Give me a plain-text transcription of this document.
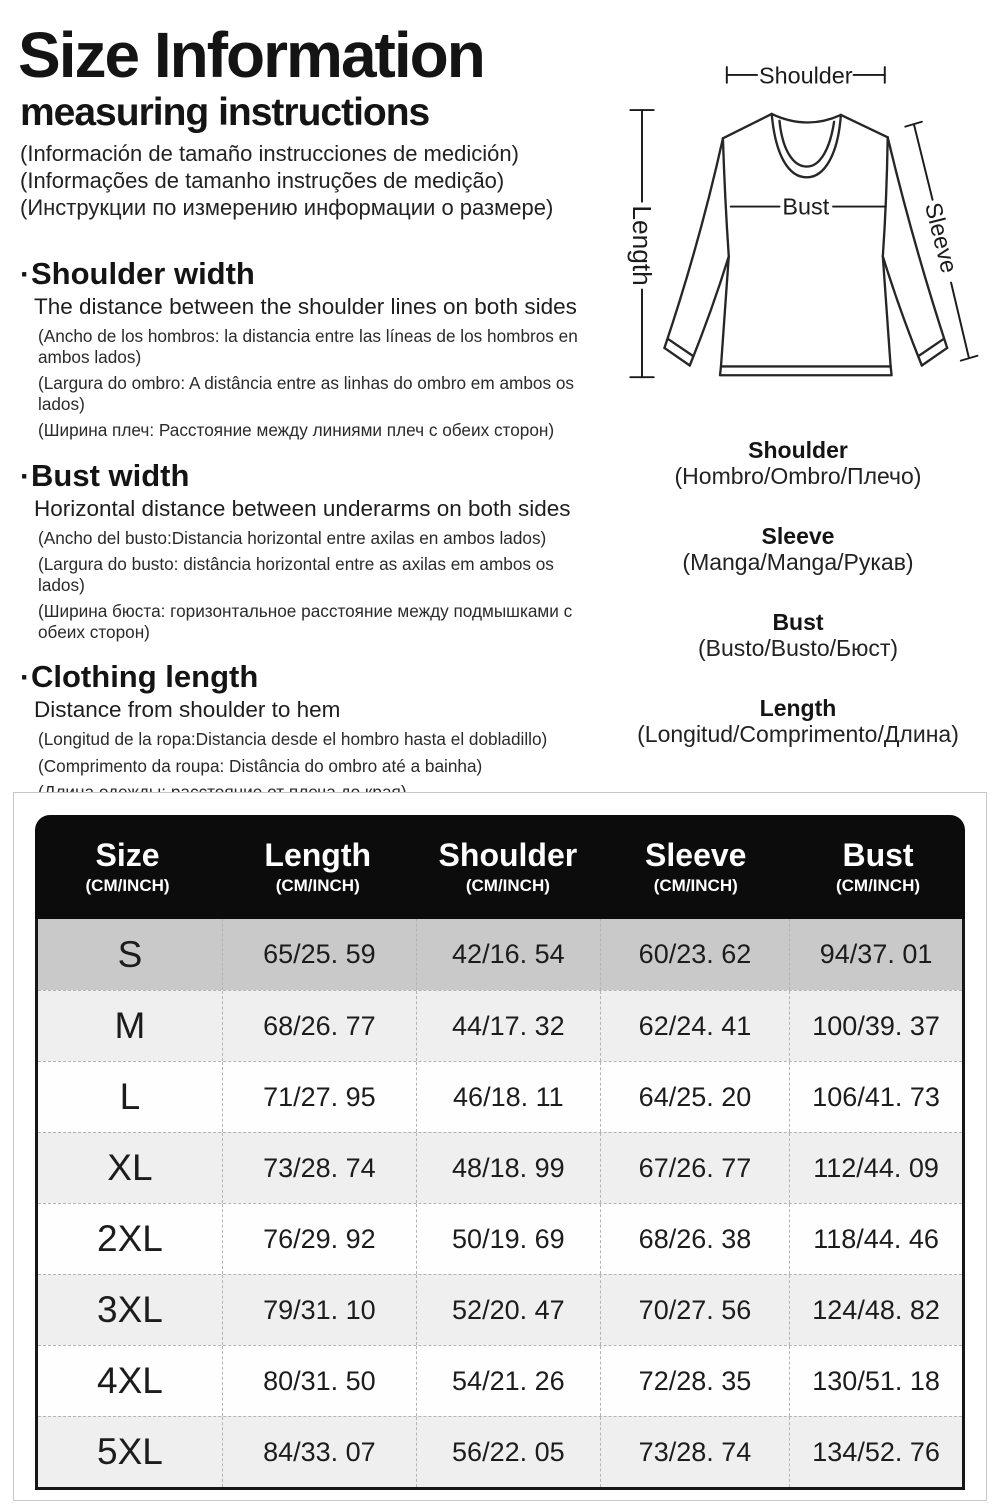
Size Information
measuring instructions

(Información de tamaño instrucciones de medición)

(Informações de tamanho instruções de medição)

(Инструкции по измерению информации о размере)

·Shoulder width

The distance between the shoulder lines on both sides

(Ancho de los hombros: la distancia entre las líneas de los hombros en ambos lados)

(Largura do ombro: A distância entre as linhas do ombro em ambos os lados)

(Ширина плеч: Расстояние между линиями плеч с обеих сторон)

·Bust width

Horizontal distance between underarms on both sides

(Ancho del busto:Distancia horizontal entre axilas en ambos lados)

(Largura do busto: distância horizontal entre as axilas em ambos os lados)

(Ширина бюста: горизонтальное расстояние между подмышками с обеих сторон)

·Clothing length

Distance from shoulder to hem

(Longitud de la ropa:Distancia desde el hombro hasta el dobladillo)

(Comprimento da roupa: Distância do ombro até a bainha)

Shoulder
Bust
Length	Sleeve
Shoulder
(Hombro/Ombro/Плечо)
Sleeve
(Manga/Manga/Рукав)
Bust
(Busto/Busto/Бюст)
Length
(Longitud/Comprimento/Длина)
Size
(CM/INCH)
Length
(CM/INCH)
Shoulder
(CM/INCH)
Sleeve
(CM/INCH)
Bust
(CM/INCH)
S	65/25. 59	42/16. 54	60/23. 62	94/37. 01
M	68/26. 77	44/17. 32	62/24. 41	100/39. 37
L	71/27. 95	46/18. 11	64/25. 20	106/41. 73
XL	73/28. 74	48/18. 99	67/26. 77	112/44. 09
2XL	76/29. 92	50/19. 69	68/26. 38	118/44. 46
3XL	79/31. 10	52/20. 47	70/27. 56	124/48. 82
4XL	80/31. 50	54/21. 26	72/28. 35	130/51. 18
5XL	84/33. 07	56/22. 05	73/28. 74	134/52. 76
